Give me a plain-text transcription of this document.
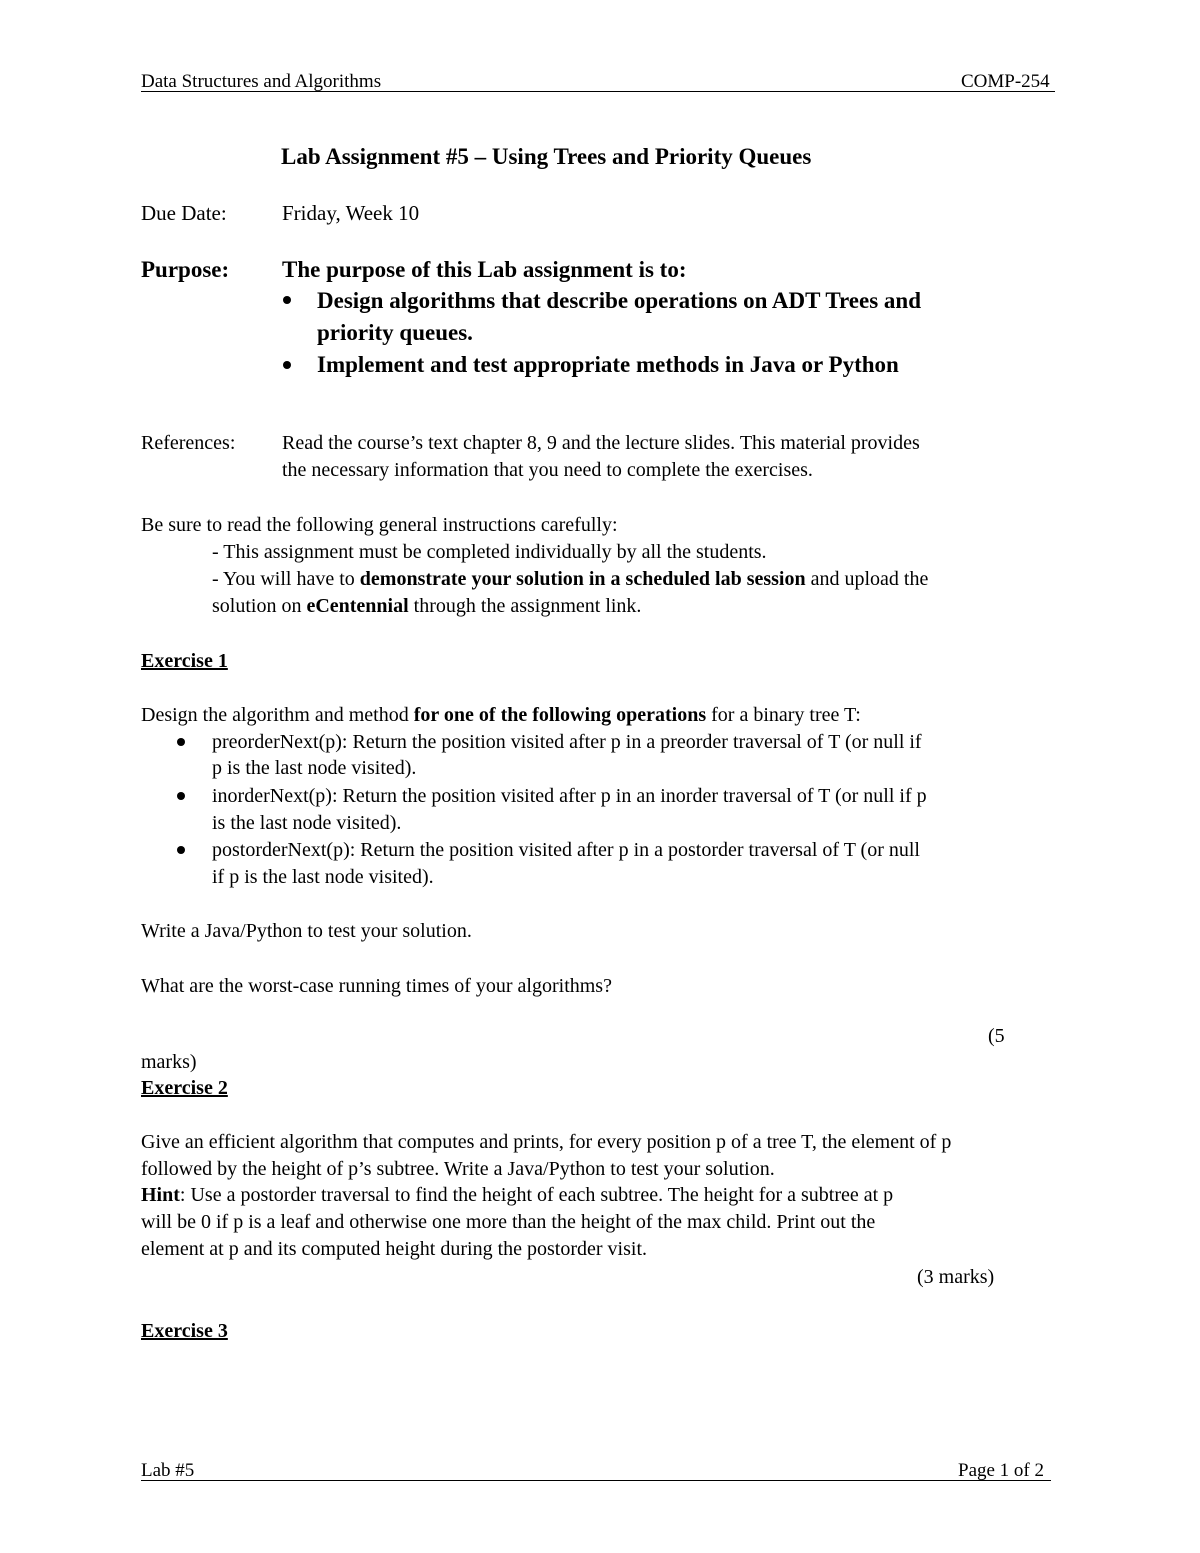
Data Structures and Algorithms	COMP-254
Lab Assignment #5 – Using Trees and Priority Queues
Due Date:	Friday, Week 10
Purpose: The purpose of this Lab assignment is to:
Design algorithms that describe operations on ADT Trees and
priority queues.
Implement and test appropriate methods in Java or Python
References: Read the course’s text chapter 8, 9 and the lecture slides. This material provides
the necessary information that you need to complete the exercises.
Be sure to read the following general instructions carefully:
- This assignment must be completed individually by all the students.
- You will have to demonstrate your solution in a scheduled lab session and upload the
solution on eCentennial through the assignment link.
Exercise 1
Design the algorithm and method for one of the following operations for a binary tree T:
preorderNext(p): Return the position visited after p in a preorder traversal of T (or null if
p is the last node visited).
inorderNext(p): Return the position visited after p in an inorder traversal of T (or null if p
is the last node visited).
postorderNext(p): Return the position visited after p in a postorder traversal of T (or null
if p is the last node visited).
Write a Java/Python to test your solution.
What are the worst-case running times of your algorithms?
(5
marks)
Exercise 2
Give an efficient algorithm that computes and prints, for every position p of a tree T, the element of p
followed by the height of p’s subtree. Write a Java/Python to test your solution.
Hint: Use a postorder traversal to find the height of each subtree. The height for a subtree at p
will be 0 if p is a leaf and otherwise one more than the height of the max child. Print out the
element at p and its computed height during the postorder visit.
(3 marks)
Exercise 3
Lab #5	Page 1 of 2
